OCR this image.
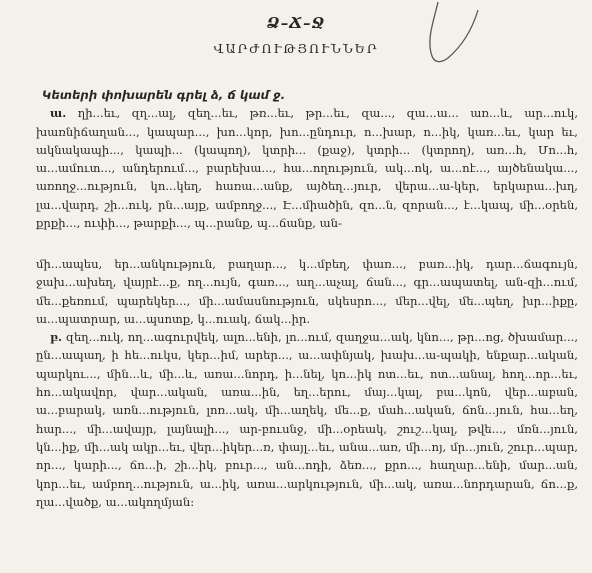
Ձ–Ճ–Ջ
ՎԱՐԺՈՒԹՅՈՒՆՆԵՐ
Կետերի փոխարեն գրել ձ, ճ կամ ջ.
ա. ղի...եւ, զղ...ալ, զեղ...եւ, թռ...եւ, թր...եւ, զա..., զա...ա... առ...և, ար...ուկ, խառնիճաղան..., կապար..., խո...կոր, խո...ընդուր, ո...խար, ո...իկ, կառ...եւ, կար եւ, ակնակապի..., կապի... (կապող), կտրի... (քաջ), կտրի... (կտրող), առ...հ, Մո...հ, ա...ամուտ..., անդերում..., բարեխա..., հա...ողություն, ակ...ոկ, ա...ոէ..., այծենակա..., առողջ...ություն, կո...կեղ, հառա...անք, այծեղ...յուր, վերա...ա-կեր, երկարա...խղ, լա...վարդ, շի...ուկ, րն...այք, ամբողջ..., Է...միածին, զո...ն, զորան..., է...կապ, մի...օրեն, քրքի..., ուփի..., թարքի..., պ...րանք, պ...ճանք, ան-
մի...ապես, եր...անկություն, բաղար..., կ...մբեղ, փառ..., բառ...իկ, դար...ճագույն, ջախ...ախեղ, վայրէ...ք, ող...ույն, գառ..., աղ...աչալ, ճան..., գր...ապատել, ան-զի...ում, մե...քեռում, պարեկեր..., մի...ամասնություն, սկեսրո..., մեր...վել, մե...պեղ, խր...իքը, ա...պատրար, ա...պսոտք, կ...ուակ, ճակ...իր.
բ. զեղ...ուկ, ող...ագուրվեկ, ալո...ենի, լո...ում, զաղջա...ակ, կնո..., թր...ոց, ծխամար..., ըն...ապաղ, ի հե...ուկս, կեր...իմ, արեր..., ա...ափնյակ, խախ...ա-պակի, ենքար...ական, պարկու..., մին...և, մի...և, առա...նորդ, ի...նել, կո...իկ ոտ...եւ, ոտ...անալ, հող...որ...եւ, հո...ակավոր, վար...ական, առա...ին, եղ...երու, մայ...կալ, բա...կոն, վեր...աբան, ա...բարակ, առն...ություն, լոռ...ակ, մի...աղեկ, մե...ք, մահ...ական, ճոն...յուն, հա...եղ, հար..., մի...ավայր, լայնալի..., ար-բուսնջ, մի...օրեակ, շուշ...կալ, թվե..., մռն...յուն, կն...իք, մի...ակ ակր...եւ, վեր...իկեր...ռ, փայլ...եւ, անա...առ, մի...ոյ, մր...յուն, շուր...պար, որ..., կարի..., ճո...ի, շի...իկ, բուր..., ան...ոդի, ձեռ..., քրո..., հաղար...ենի, մար...ան, կոր...եւ, ամբող...ություն, ա...իկ, առա...արկություն, մի...ակ, առա...նորդարան, ճո...ք, ղա...վածք, ա...ակողմյան:
